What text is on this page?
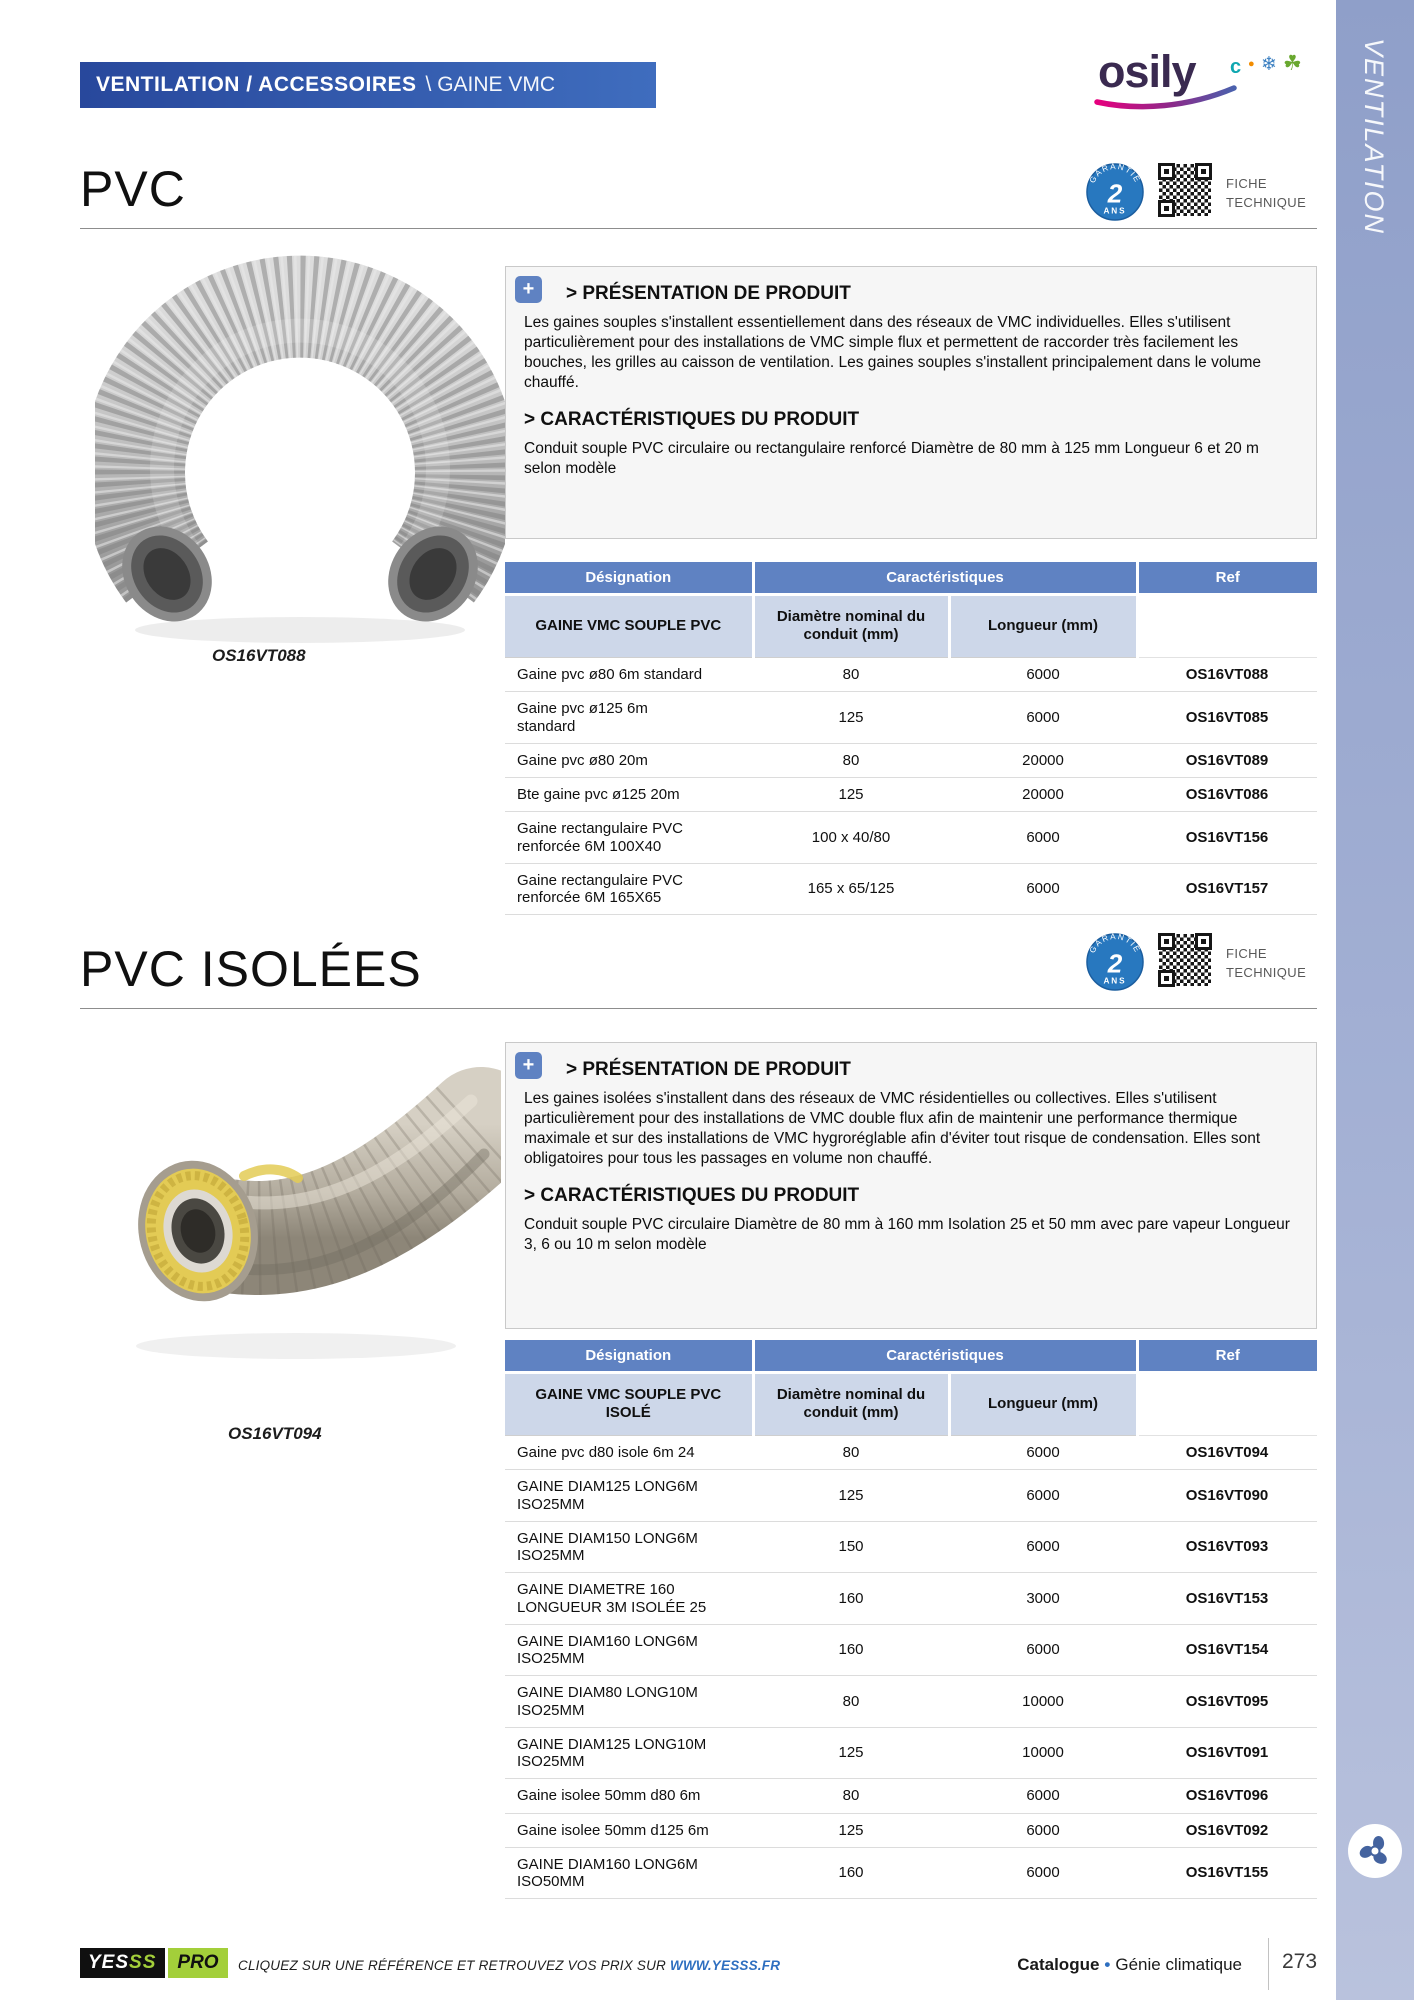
VENTILATION
VENTILATION / ACCESSOIRES \ GAINE VMC	osily c ● ❄ ☘
PVC	GARANTIE
2
ANS
FICHE
TECHNIQUE
OS16VT088
+	> PRÉSENTATION DE PRODUIT

Les gaines souples s'installent essentiellement dans des réseaux de VMC individuelles. Elles s'utilisent particulièrement pour des installations de VMC simple flux et permettent de raccorder très facilement les bouches, les grilles au caisson de ventilation. Les gaines souples s'installent principalement dans le volume chauffé.

> CARACTÉRISTIQUES DU PRODUIT

Conduit souple PVC circulaire ou rectangulaire renforcé Diamètre de 80 mm à 125 mm Longueur 6 et 20 m selon modèle

Désignation	Caractéristiques		Ref
GAINE VMC SOUPLE PVC	Diamètre nominal du conduit (mm)	Longueur (mm)	
Gaine pvc ø80 6m standard	80	6000	OS16VT088
Gaine pvc ø125 6m standard	125	6000	OS16VT085
Gaine pvc ø80 20m	80	20000	OS16VT089
Bte gaine pvc ø125 20m	125	20000	OS16VT086
Gaine rectangulaire PVC renforcée 6M 100X40	100 x 40/80	6000	OS16VT156
Gaine rectangulaire PVC renforcée 6M 165X65	165 x 65/125	6000	OS16VT157
PVC ISOLÉES	GARANTIE
2
ANS
FICHE
TECHNIQUE
OS16VT094
+	> PRÉSENTATION DE PRODUIT

Les gaines isolées s'installent dans des réseaux de VMC résidentielles ou collectives. Elles s'utilisent particulièrement pour des installations de VMC double flux afin de maintenir une performance thermique maximale et sur des installations de VMC hygroréglable afin d'éviter tout risque de condensation. Elles sont obligatoires pour tous les passages en volume non chauffé.

> CARACTÉRISTIQUES DU PRODUIT

Conduit souple PVC circulaire Diamètre de 80 mm à 160 mm Isolation 25 et 50 mm avec pare vapeur Longueur 3, 6 ou 10 m selon modèle

Désignation	Caractéristiques		Ref
GAINE VMC SOUPLE PVC ISOLÉ	Diamètre nominal du conduit (mm)	Longueur (mm)	
Gaine pvc d80 isole 6m 24	80	6000	OS16VT094
GAINE DIAM125 LONG6M ISO25MM	125	6000	OS16VT090
GAINE DIAM150 LONG6M ISO25MM	150	6000	OS16VT093
GAINE DIAMETRE 160 LONGUEUR 3M ISOLÉE 25	160	3000	OS16VT153
GAINE DIAM160 LONG6M ISO25MM	160	6000	OS16VT154
GAINE DIAM80 LONG10M ISO25MM	80	10000	OS16VT095
GAINE DIAM125 LONG10M ISO25MM	125	10000	OS16VT091
Gaine isolee 50mm d80 6m	80	6000	OS16VT096
Gaine isolee 50mm d125 6m	125	6000	OS16VT092
GAINE DIAM160 LONG6M ISO50MM	160	6000	OS16VT155
YESSS	PRO	CLIQUEZ SUR UNE RÉFÉRENCE ET RETROUVEZ VOS PRIX SUR WWW.YESSS.FR	Catalogue • Génie climatique 273
